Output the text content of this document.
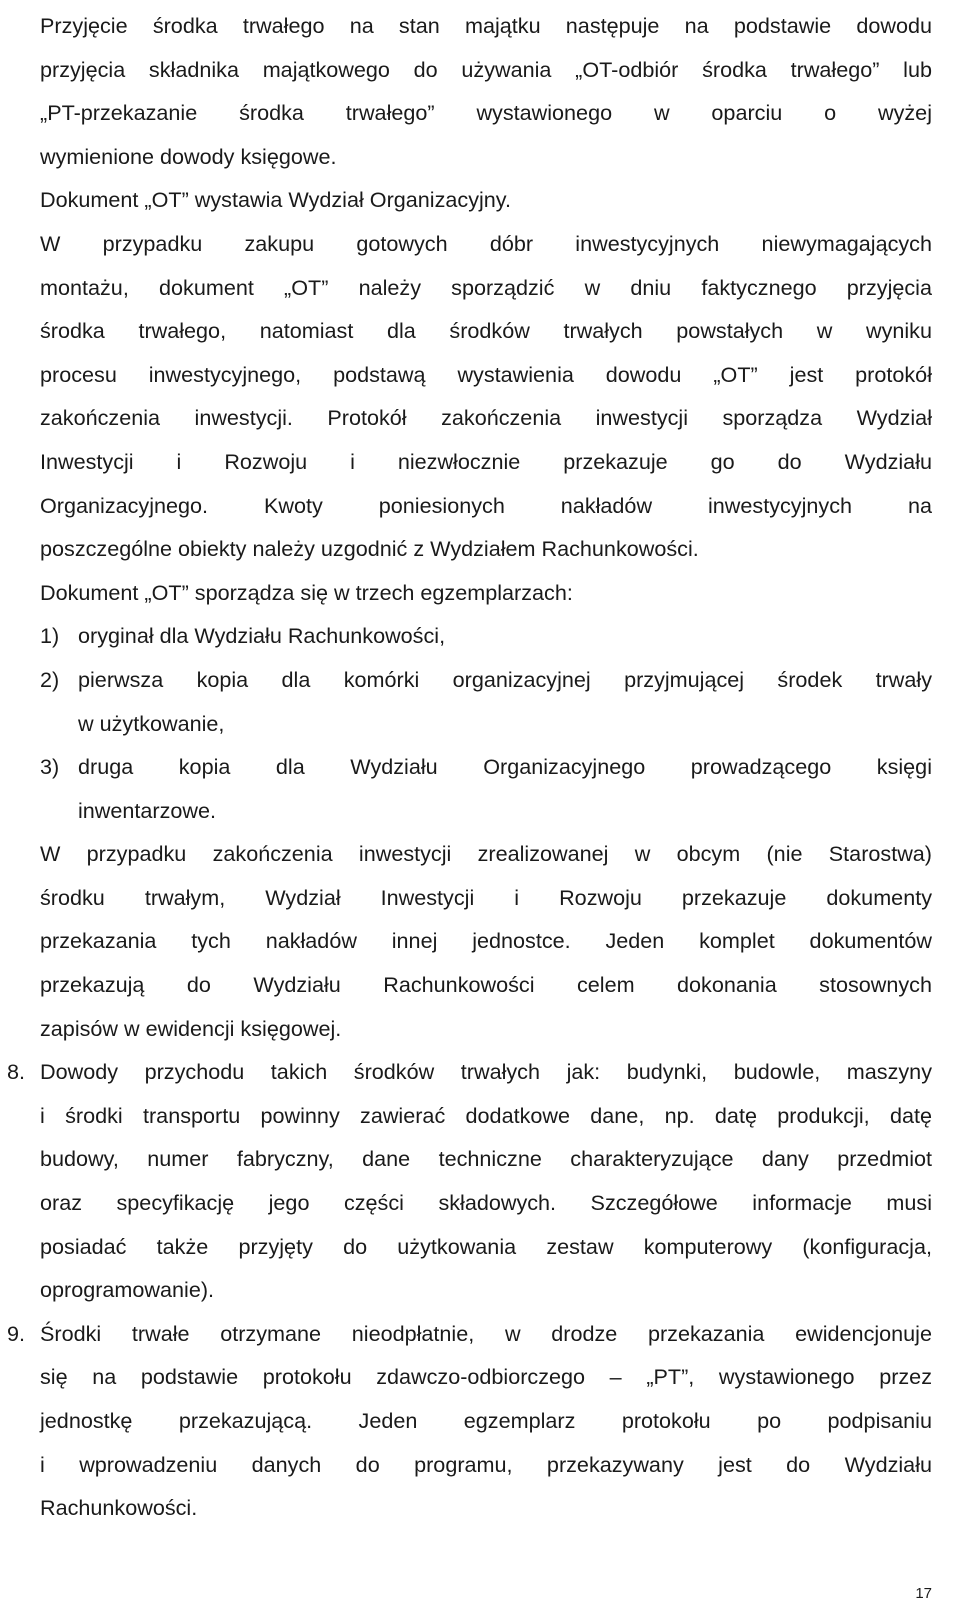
Przyjęcie środka trwałego na stan majątku następuje na podstawie dowodu
przyjęcia składnika majątkowego do używania „OT-odbiór środka trwałego” lub
„PT-przekazanie środka trwałego” wystawionego w oparciu o wyżej
wymienione dowody księgowe.
Dokument „OT” wystawia Wydział Organizacyjny.
W przypadku zakupu gotowych dóbr inwestycyjnych niewymagających
montażu, dokument „OT” należy sporządzić w dniu faktycznego przyjęcia
środka trwałego, natomiast dla środków trwałych powstałych w wyniku
procesu inwestycyjnego, podstawą wystawienia dowodu „OT” jest protokół
zakończenia inwestycji. Protokół zakończenia inwestycji sporządza Wydział
Inwestycji i Rozwoju i niezwłocznie przekazuje go do Wydziału
Organizacyjnego. Kwoty poniesionych nakładów inwestycyjnych na
poszczególne obiekty należy uzgodnić z Wydziałem Rachunkowości.
Dokument „OT” sporządza się w trzech egzemplarzach:
1) oryginał dla Wydziału Rachunkowości,
2) pierwsza kopia dla komórki organizacyjnej przyjmującej środek trwały
w użytkowanie,
3) druga kopia dla Wydziału Organizacyjnego prowadzącego księgi
inwentarzowe.
W przypadku zakończenia inwestycji zrealizowanej w obcym (nie Starostwa)
środku trwałym, Wydział Inwestycji i Rozwoju przekazuje dokumenty
przekazania tych nakładów innej jednostce. Jeden komplet dokumentów
przekazują do Wydziału Rachunkowości celem dokonania stosownych
zapisów w ewidencji księgowej.
8. Dowody przychodu takich środków trwałych jak: budynki, budowle, maszyny
i środki transportu powinny zawierać dodatkowe dane, np. datę produkcji, datę
budowy, numer fabryczny, dane techniczne charakteryzujące dany przedmiot
oraz specyfikację jego części składowych. Szczegółowe informacje musi
posiadać także przyjęty do użytkowania zestaw komputerowy (konfiguracja,
oprogramowanie).
9. Środki trwałe otrzymane nieodpłatnie, w drodze przekazania ewidencjonuje
się na podstawie protokołu zdawczo-odbiorczego – „PT”, wystawionego przez
jednostkę przekazującą. Jeden egzemplarz protokołu po podpisaniu
i wprowadzeniu danych do programu, przekazywany jest do Wydziału
Rachunkowości.
17
